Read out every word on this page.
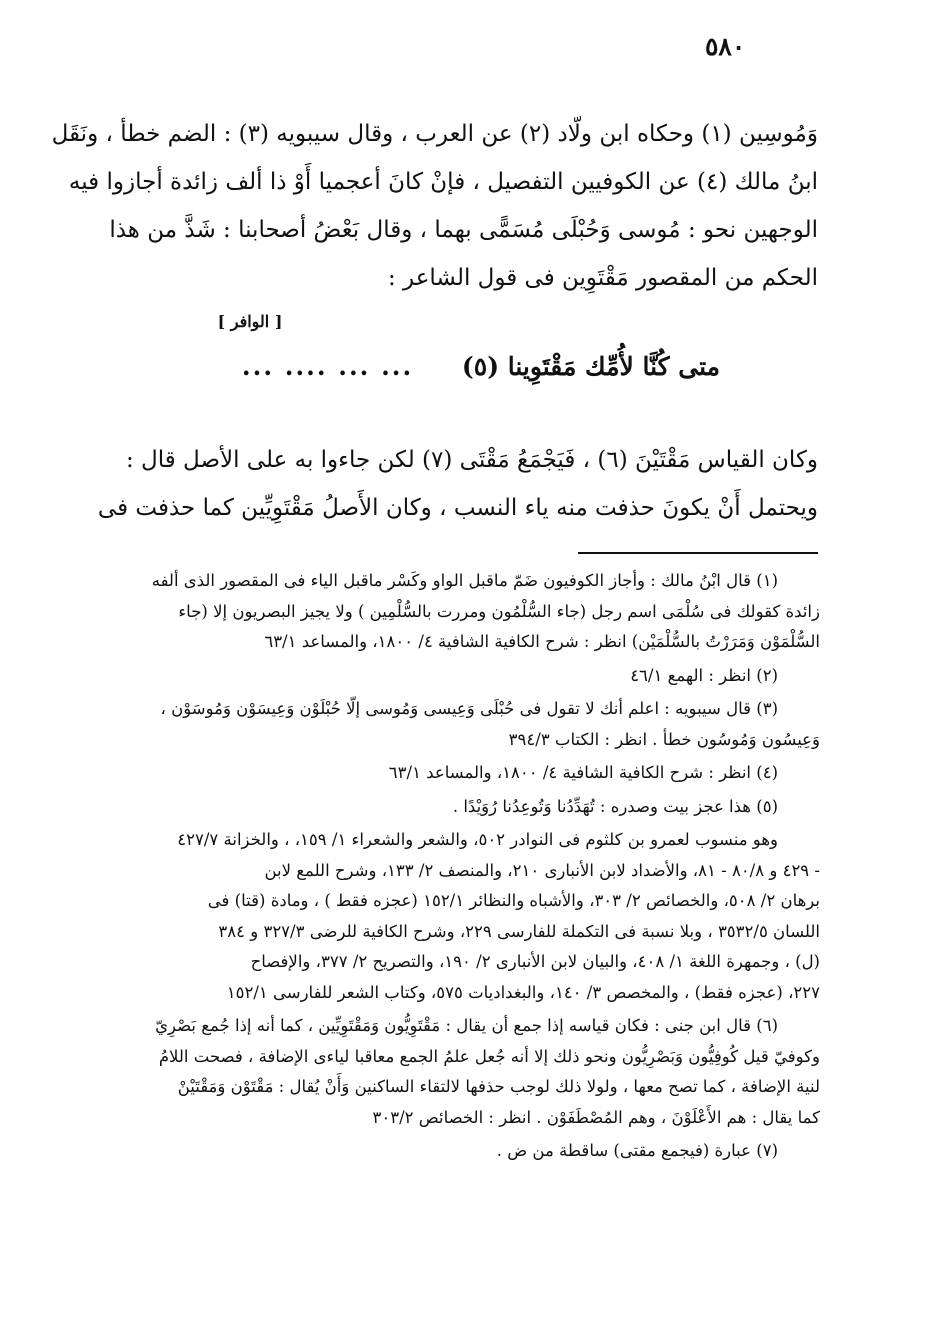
٥٨٠
وَمُوسِين (١) وحكاه ابن ولّاد (٢) عن العرب ، وقال سيبويه (٣) : الضم خطأ ، ونَقَل
ابنُ مالك (٤) عن الكوفيين التفصيل ، فإنْ كانَ أعجميا أَوْ ذا ألف زائدة أجازوا فيه
الوجهين نحو : مُوسى وَحُبْلَى مُسَمًّى بهما ، وقال بَعْضُ أصحابنا : شَذَّ من هذا
الحكم من المقصور مَقْتَوِين فى قول الشاعر :
[ الوافر ]
متى كُنَّا لأُمِّك مَقْتَوِينا (٥) ... ... .... ...
وكان القياس مَقْتَيْنَ (٦) ، فَيَجْمَعُ مَقْتَى (٧) لكن جاءوا به على الأصل قال :
ويحتمل أَنْ يكونَ حذفت منه ياء النسب ، وكان الأَصلُ مَقْتَوِيِّين كما حذفت فى
(١) قال ابْنُ مالك : وأجاز الكوفيون ضَمّ ماقبل الواو وكَسْر ماقبل الياء فى المقصور الذى ألفه
زائدة كقولك فى سُلْمَى اسم رجل (جاء السُّلْمُون ومررت بالسُّلْمِين ) ولا يجيز البصريون إلا (جاء
السُّلْمَوْن وَمَرَرْتُ بالسُّلْمَيْن) انظر : شرح الكافية الشافية ٤/ ١٨٠٠، والمساعد ٦٣/١
(٢) انظر : الهمع ٤٦/١
(٣) قال سيبويه : اعلم أنك لا تقول فى حُبْلَى وَعِيسى وَمُوسى إلّا حُبْلَوْن وَعِيسَوْن وَمُوسَوْن ،
وَعِيسُون وَمُوسُون خطأ . انظر : الكتاب ٣٩٤/٣
(٤) انظر : شرح الكافية الشافية ٤/ ١٨٠٠، والمساعد ٦٣/١
(٥) هذا عجز بيت وصدره : تُهَدِّدُنا وَتُوعِدُنا رُوَيْدًا .
وهو منسوب لعمرو بن كلثوم فى النوادر ٥٠٢، والشعر والشعراء ١/ ١٥٩، ، والخزانة ٤٢٧/٧
- ٤٢٩ و ٨٠/٨ - ٨١، والأضداد لابن الأنبارى ٢١٠، والمنصف ٢/ ١٣٣، وشرح اللمع لابن
برهان ٢/ ٥٠٨، والخصائص ٢/ ٣٠٣، والأشباه والنظائر ١٥٢/١ (عجزه فقط ) ، ومادة (قتا) فى
اللسان ٣٥٣٢/٥ ، وبلا نسبة فى التكملة للفارسى ٢٢٩، وشرح الكافية للرضى ٣٢٧/٣ و ٣٨٤
(ل) ، وجمهرة اللغة ١/ ٤٠٨، والبيان لابن الأنبارى ٢/ ١٩٠، والتصريح ٢/ ٣٧٧، والإفصاح
٢٢٧، (عجزه فقط) ، والمخصص ٣/ ١٤٠، والبغداديات ٥٧٥، وكتاب الشعر للفارسى ١٥٢/١
(٦) قال ابن جنى : فكان قياسه إذا جمع أن يقال : مَقْتَوِيُّون وَمَقْتَوِيِّين ، كما أنه إذا جُمع بَصْرِيّ
وكوفيّ قيل كُوفِيُّون وَبَصْرِيُّون ونحو ذلك إلا أنه جُعل علمُ الجمع معاقبا لياءى الإضافة ، فصحت اللامُ
لنية الإضافة ، كما تصح معها ، ولولا ذلك لوجب حذفها لالتقاء الساكنين وَأَنْ يُقال : مَقْتَوْن وَمَقْتَيْنْ
كما يقال : هم الأَعْلَوْنَ ، وهم المُصْطَفَوْن . انظر : الخصائص ٣٠٣/٢
(٧) عبارة (فيجمع مقتى) ساقطة من ض .
